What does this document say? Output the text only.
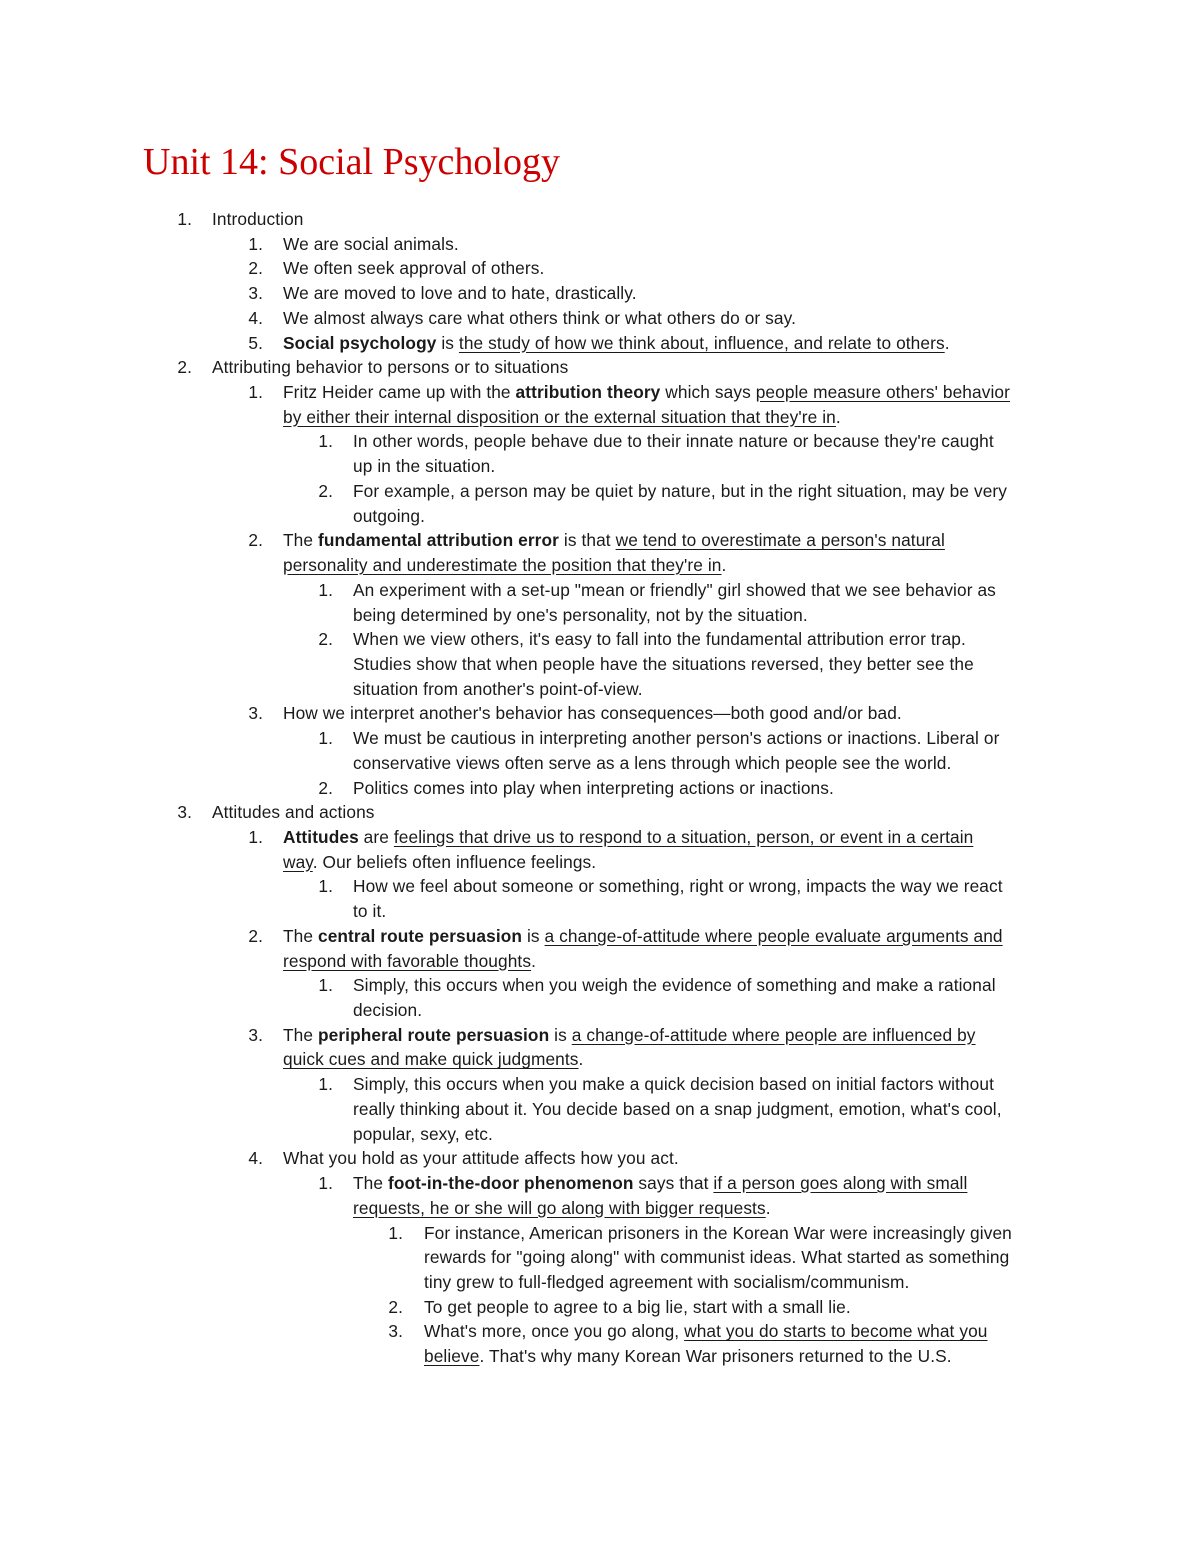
Unit 14: Social Psychology
1. Introduction
1. We are social animals.
2. We often seek approval of others.
3. We are moved to love and to hate, drastically.
4. We almost always care what others think or what others do or say.
5. Social psychology is the study of how we think about, influence, and relate to others.
2. Attributing behavior to persons or to situations
1. Fritz Heider came up with the attribution theory which says people measure others' behavior
by either their internal disposition or the external situation that they're in.
1. In other words, people behave due to their innate nature or because they're caught
up in the situation.
2. For example, a person may be quiet by nature, but in the right situation, may be very
outgoing.
2. The fundamental attribution error is that we tend to overestimate a person's natural
personality and underestimate the position that they're in.
1. An experiment with a set-up "mean or friendly" girl showed that we see behavior as
being determined by one's personality, not by the situation.
2. When we view others, it's easy to fall into the fundamental attribution error trap.
Studies show that when people have the situations reversed, they better see the
situation from another's point-of-view.
3. How we interpret another's behavior has consequences—both good and/or bad.
1. We must be cautious in interpreting another person's actions or inactions. Liberal or
conservative views often serve as a lens through which people see the world.
2. Politics comes into play when interpreting actions or inactions.
3. Attitudes and actions
1. Attitudes are feelings that drive us to respond to a situation, person, or event in a certain
way. Our beliefs often influence feelings.
1. How we feel about someone or something, right or wrong, impacts the way we react
to it.
2. The central route persuasion is a change-of-attitude where people evaluate arguments and
respond with favorable thoughts.
1. Simply, this occurs when you weigh the evidence of something and make a rational
decision.
3. The peripheral route persuasion is a change-of-attitude where people are influenced by
quick cues and make quick judgments.
1. Simply, this occurs when you make a quick decision based on initial factors without
really thinking about it. You decide based on a snap judgment, emotion, what's cool,
popular, sexy, etc.
4. What you hold as your attitude affects how you act.
1. The foot-in-the-door phenomenon says that if a person goes along with small
requests, he or she will go along with bigger requests.
1. For instance, American prisoners in the Korean War were increasingly given
rewards for "going along" with communist ideas. What started as something
tiny grew to full-fledged agreement with socialism/communism.
2. To get people to agree to a big lie, start with a small lie.
3. What's more, once you go along, what you do starts to become what you
believe. That's why many Korean War prisoners returned to the U.S.
